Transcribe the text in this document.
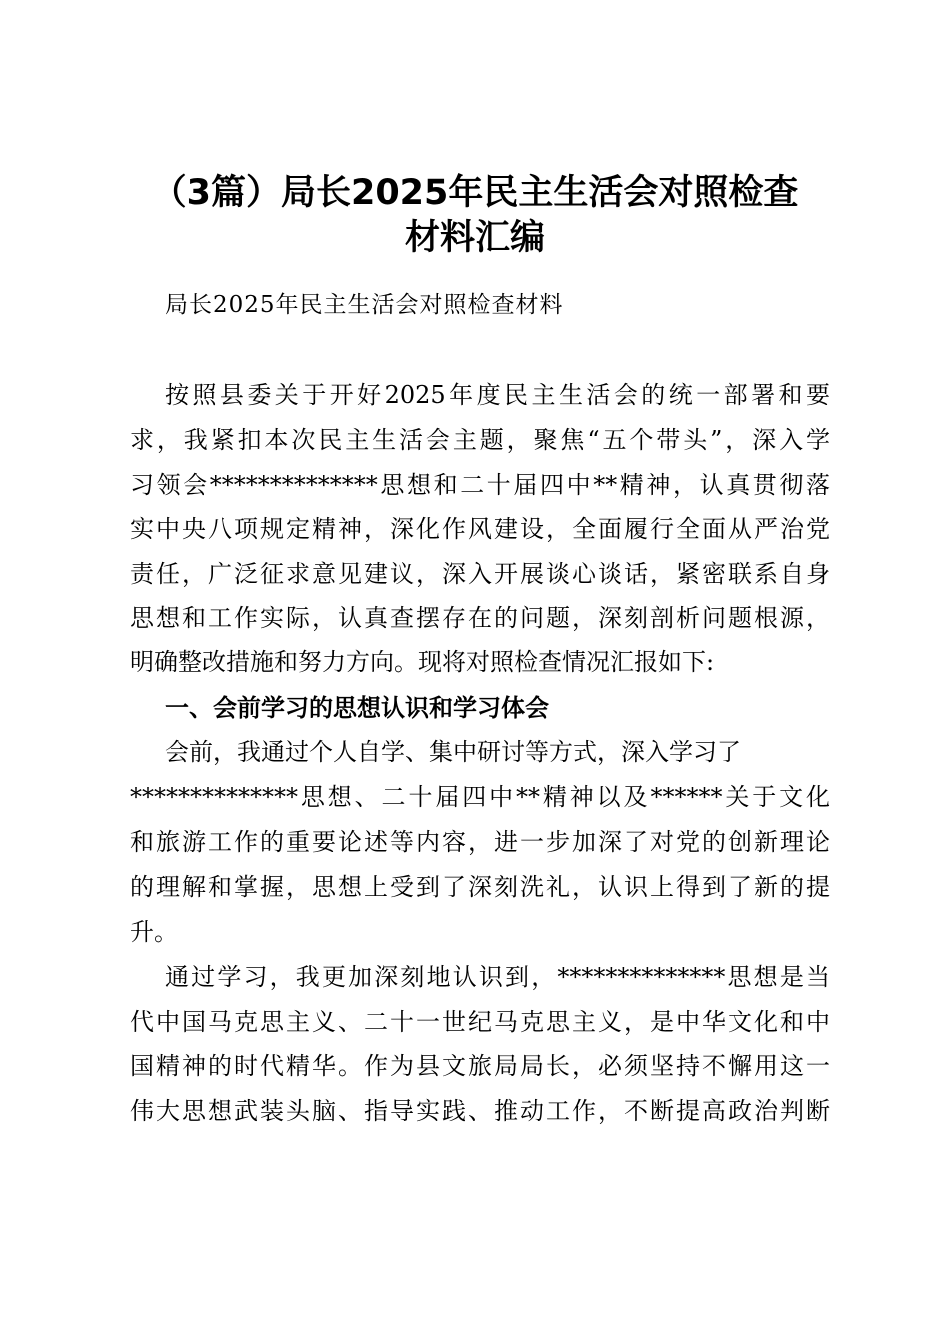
（3篇）局长2025年民主生活会对照检查
材料汇编
局长2025年民主生活会对照检查材料
按照县委关于开好2025年度民主生活会的统一部署和要
求，我紧扣本次民主生活会主题，聚焦“五个带头”，深入学
习领会**************思想和二十届四中**精神，认真贯彻落
实中央八项规定精神，深化作风建设，全面履行全面从严治党
责任，广泛征求意见建议，深入开展谈心谈话，紧密联系自身
思想和工作实际，认真查摆存在的问题，深刻剖析问题根源，
明确整改措施和努力方向。现将对照检查情况汇报如下:
一、会前学习的思想认识和学习体会
会前，我通过个人自学、集中研讨等方式，深入学习了
**************思想、二十届四中**精神以及******关于文化
和旅游工作的重要论述等内容，进一步加深了对党的创新理论
的理解和掌握，思想上受到了深刻洗礼，认识上得到了新的提
升。
通过学习，我更加深刻地认识到，**************思想是当
代中国马克思主义、二十一世纪马克思主义，是中华文化和中
国精神的时代精华。作为县文旅局局长，必须坚持不懈用这一
伟大思想武装头脑、指导实践、推动工作，不断提高政治判断
